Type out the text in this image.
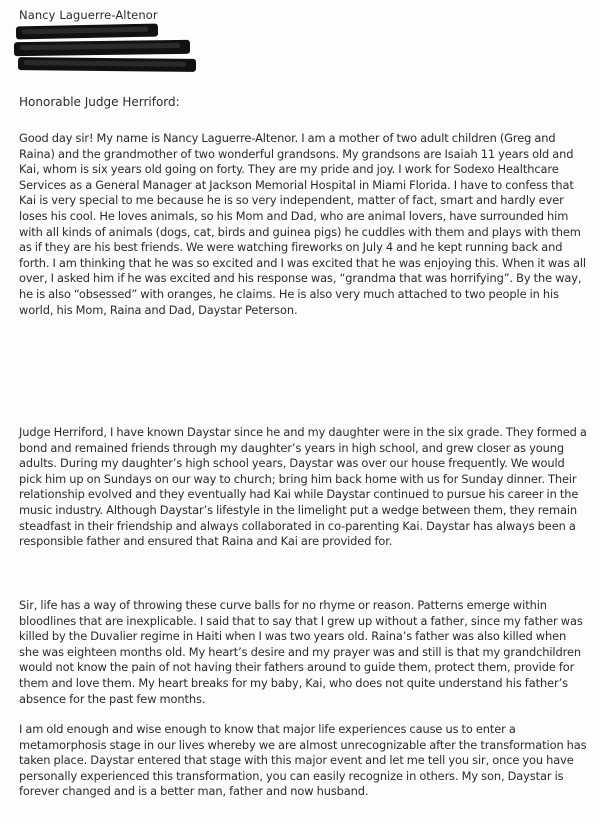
Nancy Laguerre-Altenor
Honorable Judge Herriford:

Good day sir! My name is Nancy Laguerre-Altenor. I am a mother of two adult children (Greg and Raina) and the grandmother of two wonderful grandsons. My grandsons are Isaiah 11 years old and Kai, whom is six years old going on forty. They are my pride and joy. I work for Sodexo Healthcare Services as a General Manager at Jackson Memorial Hospital in Miami Florida. I have to confess that Kai is very special to me because he is so very independent, matter of fact, smart and hardly ever loses his cool. He loves animals, so his Mom and Dad, who are animal lovers, have surrounded him with all kinds of animals (dogs, cat, birds and guinea pigs) he cuddles with them and plays with them as if they are his best friends. We were watching fireworks on July 4 and he kept running back and forth. I am thinking that he was so excited and I was excited that he was enjoying this. When it was all over, I asked him if he was excited and his response was, “grandma that was horrifying”. By the way, he is also “obsessed” with oranges, he claims. He is also very much attached to two people in his world, his Mom, Raina and Dad, Daystar Peterson.

Judge Herriford, I have known Daystar since he and my daughter were in the six grade. They formed a bond and remained friends through my daughter’s years in high school, and grew closer as young adults. During my daughter’s high school years, Daystar was over our house frequently. We would pick him up on Sundays on our way to church; bring him back home with us for Sunday dinner. Their relationship evolved and they eventually had Kai while Daystar continued to pursue his career in the music industry. Although Daystar’s lifestyle in the limelight put a wedge between them, they remain steadfast in their friendship and always collaborated in co-parenting Kai. Daystar has always been a responsible father and ensured that Raina and Kai are provided for.

Sir, life has a way of throwing these curve balls for no rhyme or reason. Patterns emerge within bloodlines that are inexplicable. I said that to say that I grew up without a father, since my father was killed by the Duvalier regime in Haiti when I was two years old. Raina’s father was also killed when she was eighteen months old. My heart’s desire and my prayer was and still is that my grandchildren would not know the pain of not having their fathers around to guide them, protect them, provide for them and love them. My heart breaks for my baby, Kai, who does not quite understand his father’s absence for the past few months.

I am old enough and wise enough to know that major life experiences cause us to enter a metamorphosis stage in our lives whereby we are almost unrecognizable after the transformation has taken place. Daystar entered that stage with this major event and let me tell you sir, once you have personally experienced this transformation, you can easily recognize in others. My son, Daystar is forever changed and is a better man, father and now husband.
